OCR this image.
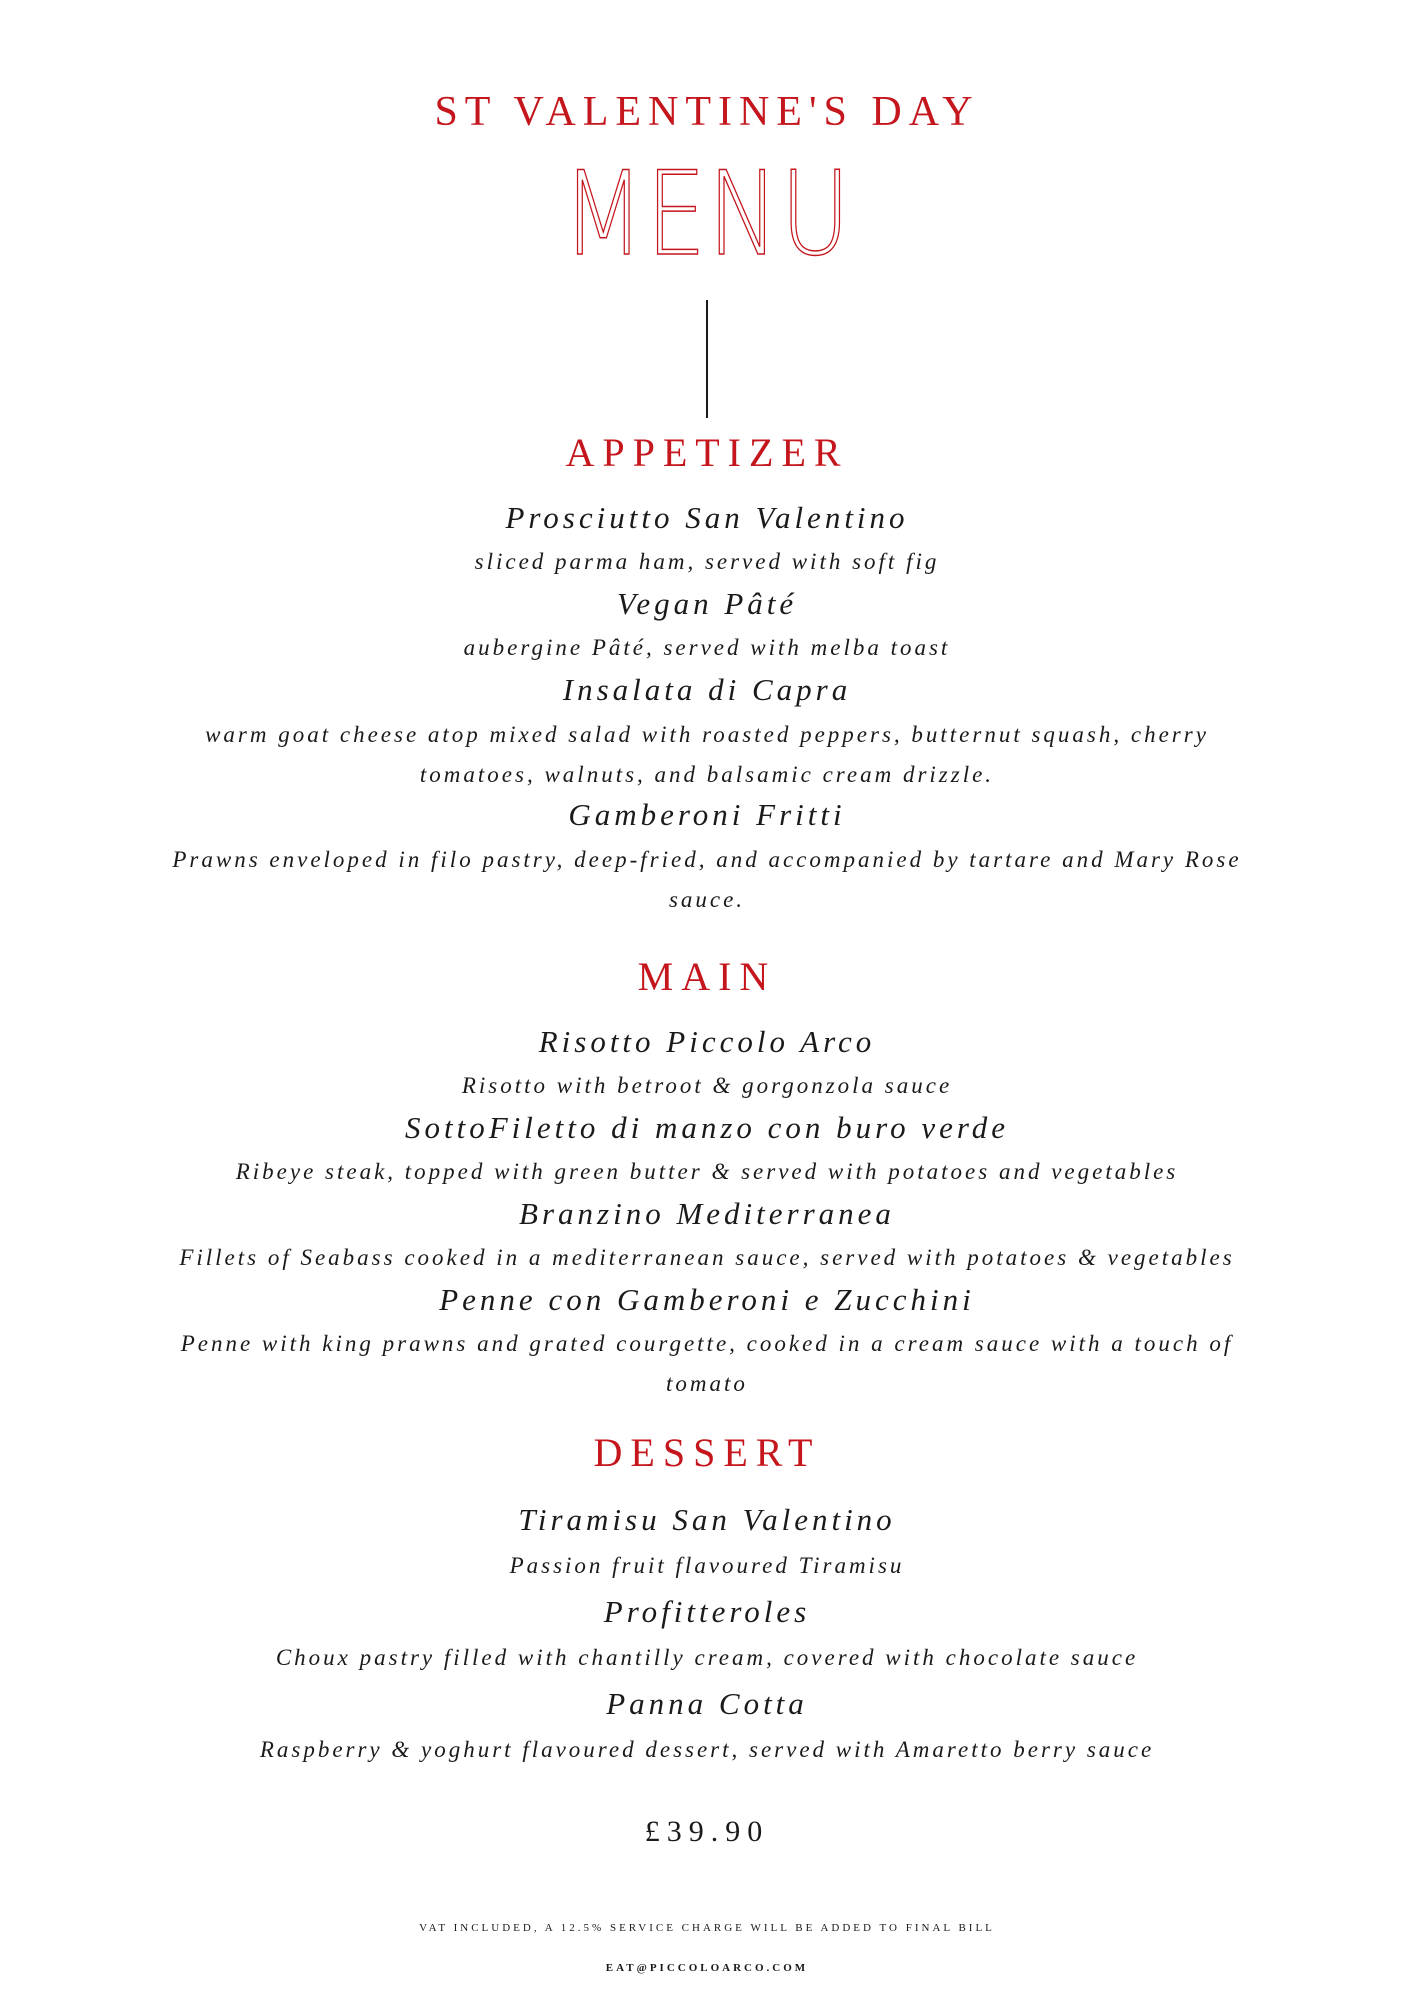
ST VALENTINE'S DAY
MENU
APPETIZER
Prosciutto San Valentino
sliced parma ham, served with soft fig
Vegan Pâté
aubergine Pâté, served with melba toast
Insalata di Capra
warm goat cheese atop mixed salad with roasted peppers, butternut squash, cherry tomatoes, walnuts, and balsamic cream drizzle.
Gamberoni Fritti
Prawns enveloped in filo pastry, deep-fried, and accompanied by tartare and Mary Rose sauce.
MAIN
Risotto Piccolo Arco
Risotto with betroot & gorgonzola sauce
SottoFiletto di manzo con buro verde
Ribeye steak, topped with green butter & served with potatoes and vegetables
Branzino Mediterranea
Fillets of Seabass cooked in a mediterranean sauce, served with potatoes & vegetables
Penne con Gamberoni e Zucchini
Penne with king prawns and grated courgette, cooked in a cream sauce with a touch of tomato
DESSERT
Tiramisu San Valentino
Passion fruit flavoured Tiramisu
Profitteroles
Choux pastry filled with chantilly cream, covered with chocolate sauce
Panna Cotta
Raspberry & yoghurt flavoured dessert, served with Amaretto berry sauce
£39.90
VAT INCLUDED, A 12.5% SERVICE CHARGE WILL BE ADDED TO FINAL BILL
EAT@PICCOLOARCO.COM
